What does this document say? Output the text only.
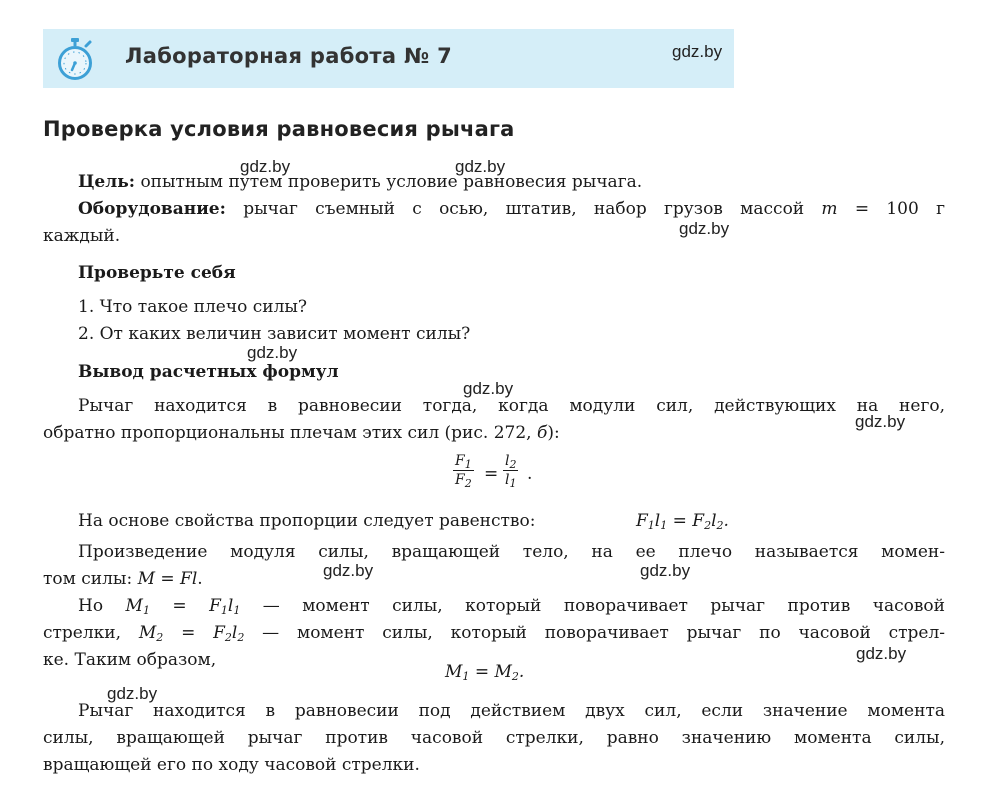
Лабораторная работа № 7	gdz.by
Проверка условия равновесия рычага
gdz.by	gdz.by
Цель: опытным путем проверить условие равновесия рычага.
Оборудование: рычаг съемный с осью, штатив, набор грузов массой m = 100 г
каждый.	gdz.by
Проверьте себя
1. Что такое плечо силы?
2. От каких величин зависит момент силы?
gdz.by
Вывод расчетных формул
gdz.by
Рычаг находится в равновесии тогда, когда модули сил, действующих на него,
обратно пропорциональны плечам этих сил (рис. 272, б):
gdz.by
$\frac{F_1}{F_2} = \frac{l_2}{l_1}$ .
На основе свойства пропорции следует равенство:	$F_1l_1 = F_2l_2$.
Произведение модуля силы, вращающей тело, на ее плечо называется момен-
том силы: M = Fl.	gdz.by	gdz.by
Но $M_1 = F_1l_1$ — момент силы, который поворачивает рычаг против часовой
стрелки, $M_2 = F_2l_2$ — момент силы, который поворачивает рычаг по часовой стрел-
ке. Таким образом,
$M_1 = M_2$.
gdz.by
gdz.by
Рычаг находится в равновесии под действием двух сил, если значение момента
силы, вращающей рычаг против часовой стрелки, равно значению момента силы,
вращающей его по ходу часовой стрелки.
